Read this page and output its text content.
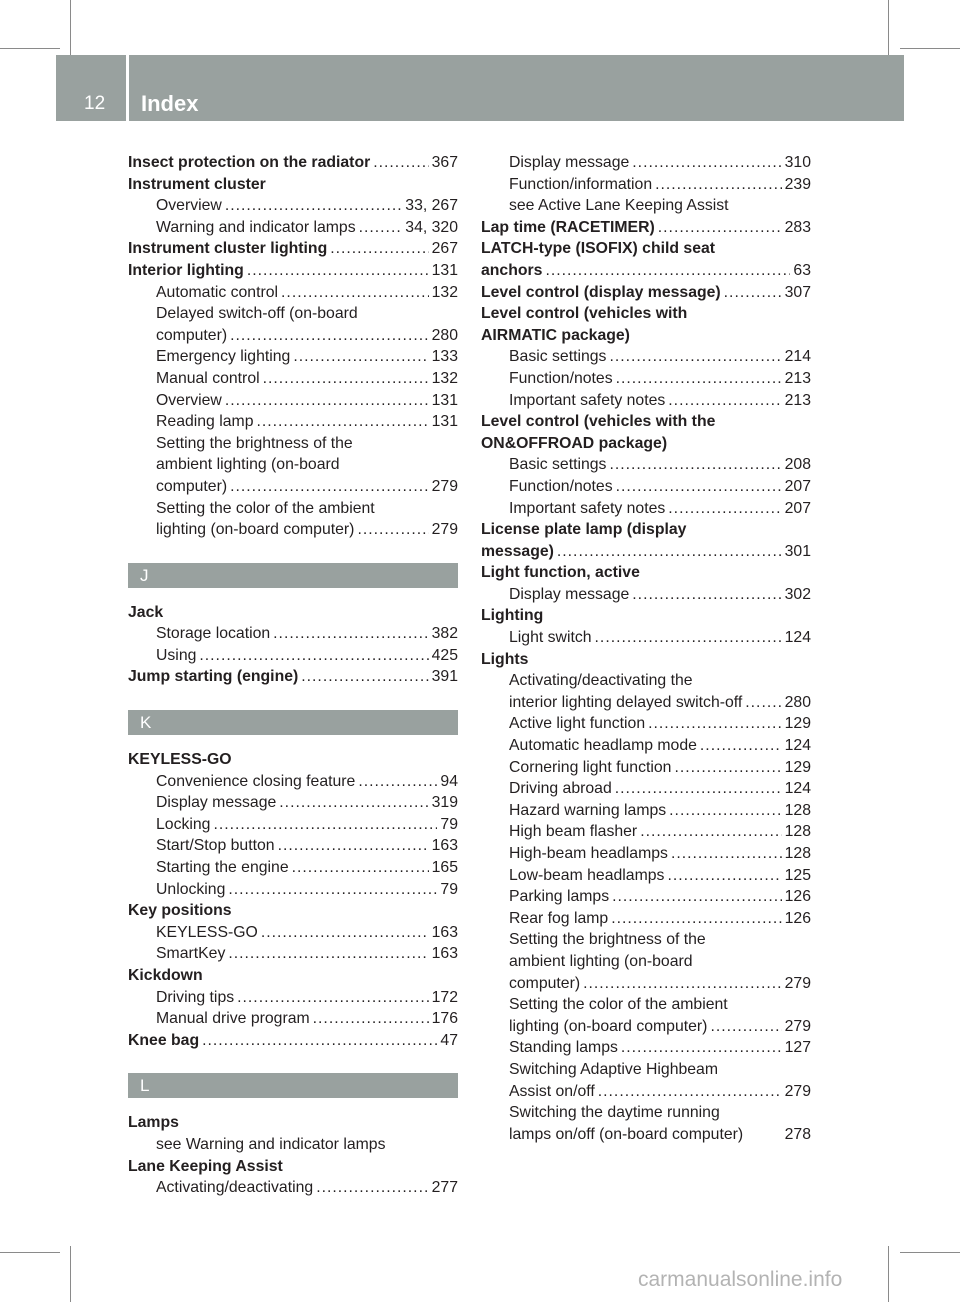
12 Index
Insect protection on the radiator .....	367
Instrument cluster
Overview .....	33, 267
Warning and indicator lamps .....	34, 320
Instrument cluster lighting .....	267
Interior lighting .....	131
Automatic control .....	132
Delayed switch-off (on-board
computer) .....	280
Emergency lighting .....	133
Manual control .....	132
Overview .....	131
Reading lamp .....	131
Setting the brightness of the
ambient lighting (on-board
computer) .....	279
Setting the color of the ambient
lighting (on-board computer) .....	279
J
Jack
Storage location .....	382
Using .....	425
Jump starting (engine) .....	391
K
KEYLESS-GO
Convenience closing feature .....	94
Display message .....	319
Locking .....	79
Start/Stop button .....	163
Starting the engine .....	165
Unlocking .....	79
Key positions
KEYLESS-GO .....	163
SmartKey .....	163
Kickdown
Driving tips .....	172
Manual drive program .....	176
Knee bag .....	47
L
Lamps
see Warning and indicator lamps
Lane Keeping Assist
Activating/deactivating .....	277
Display message .....	310
Function/information .....	239
see Active Lane Keeping Assist
Lap time (RACETIMER) .....	283
LATCH-type (ISOFIX) child seat
anchors .....	63
Level control (display message) .....	307
Level control (vehicles with
AIRMATIC package)
Basic settings .....	214
Function/notes .....	213
Important safety notes .....	213
Level control (vehicles with the
ON&OFFROAD package)
Basic settings .....	208
Function/notes .....	207
Important safety notes .....	207
License plate lamp (display
message) .....	301
Light function, active
Display message .....	302
Lighting
Light switch .....	124
Lights
Activating/deactivating the
interior lighting delayed switch-off .....	280
Active light function .....	129
Automatic headlamp mode .....	124
Cornering light function .....	129
Driving abroad .....	124
Hazard warning lamps .....	128
High beam flasher .....	128
High-beam headlamps .....	128
Low-beam headlamps .....	125
Parking lamps .....	126
Rear fog lamp .....	126
Setting the brightness of the
ambient lighting (on-board
computer) .....	279
Setting the color of the ambient
lighting (on-board computer) .....	279
Standing lamps .....	127
Switching Adaptive Highbeam
Assist on/off .....	279
Switching the daytime running
lamps on/off (on-board computer)	278
carmanualsonline.info
